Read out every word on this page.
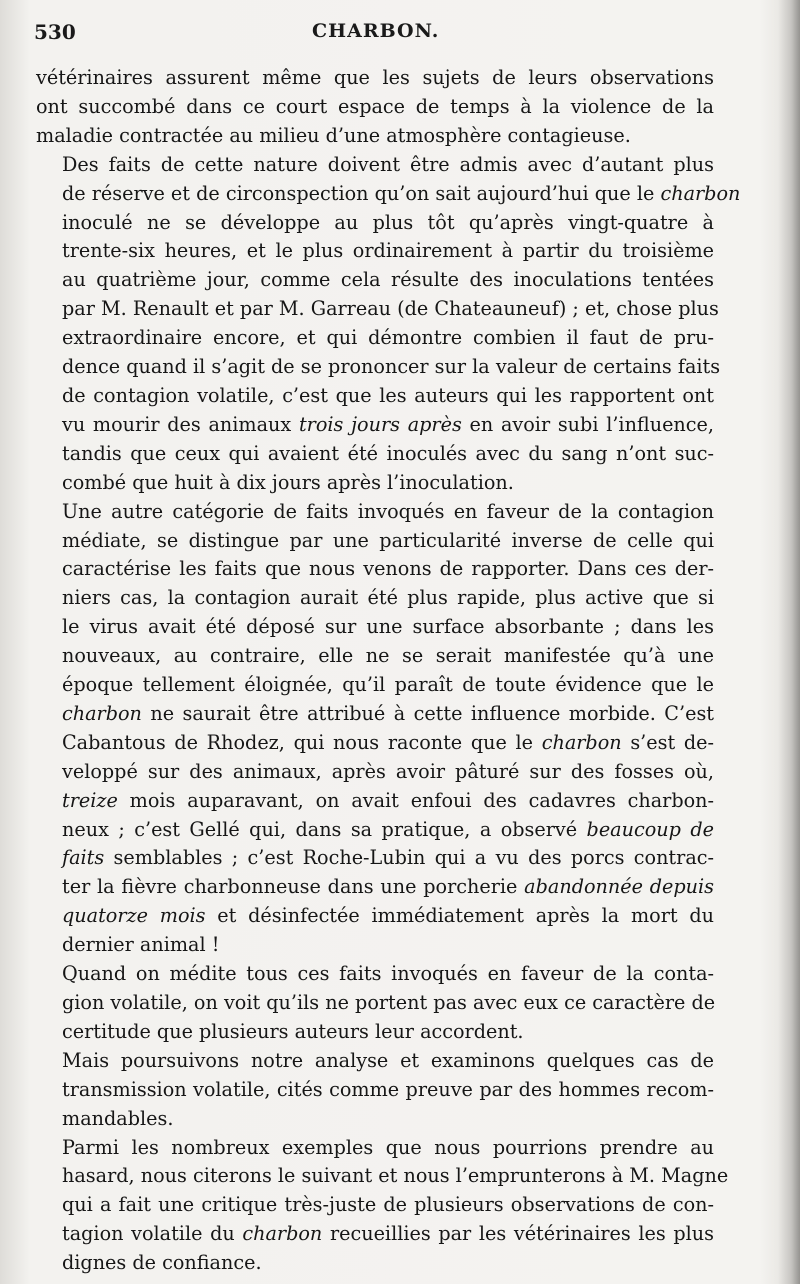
530	CHARBON.

vétérinaires assurent même que les sujets de leurs observations
ont succombé dans ce court espace de temps à la violence de la
maladie contractée au milieu d’une atmosphère contagieuse.

Des faits de cette nature doivent être admis avec d’autant plus
de réserve et de circonspection qu’on sait aujourd’hui que le charbon
inoculé ne se développe au plus tôt qu’après vingt-quatre à
trente-six heures, et le plus ordinairement à partir du troisième
au quatrième jour, comme cela résulte des inoculations tentées
par M. Renault et par M. Garreau (de Chateauneuf) ; et, chose plus
extraordinaire encore, et qui démontre combien il faut de pru-
dence quand il s’agit de se prononcer sur la valeur de certains faits
de contagion volatile, c’est que les auteurs qui les rapportent ont
vu mourir des animaux trois jours après en avoir subi l’influence,
tandis que ceux qui avaient été inoculés avec du sang n’ont suc-
combé que huit à dix jours après l’inoculation.

Une autre catégorie de faits invoqués en faveur de la contagion
médiate, se distingue par une particularité inverse de celle qui
caractérise les faits que nous venons de rapporter. Dans ces der-
niers cas, la contagion aurait été plus rapide, plus active que si
le virus avait été déposé sur une surface absorbante ; dans les
nouveaux, au contraire, elle ne se serait manifestée qu’à une
époque tellement éloignée, qu’il paraît de toute évidence que le
charbon ne saurait être attribué à cette influence morbide. C’est
Cabantous de Rhodez, qui nous raconte que le charbon s’est de-
veloppé sur des animaux, après avoir pâturé sur des fosses où,
treize mois auparavant, on avait enfoui des cadavres charbon-
neux ; c’est Gellé qui, dans sa pratique, a observé beaucoup de
faits semblables ; c’est Roche-Lubin qui a vu des porcs contrac-
ter la fièvre charbonneuse dans une porcherie abandonnée depuis
quatorze mois et désinfectée immédiatement après la mort du
dernier animal !

Quand on médite tous ces faits invoqués en faveur de la conta-
gion volatile, on voit qu’ils ne portent pas avec eux ce caractère de
certitude que plusieurs auteurs leur accordent.

Mais poursuivons notre analyse et examinons quelques cas de
transmission volatile, cités comme preuve par des hommes recom-
mandables.

Parmi les nombreux exemples que nous pourrions prendre au
hasard, nous citerons le suivant et nous l’emprunterons à M. Magne
qui a fait une critique très-juste de plusieurs observations de con-
tagion volatile du charbon recueillies par les vétérinaires les plus
dignes de confiance.
